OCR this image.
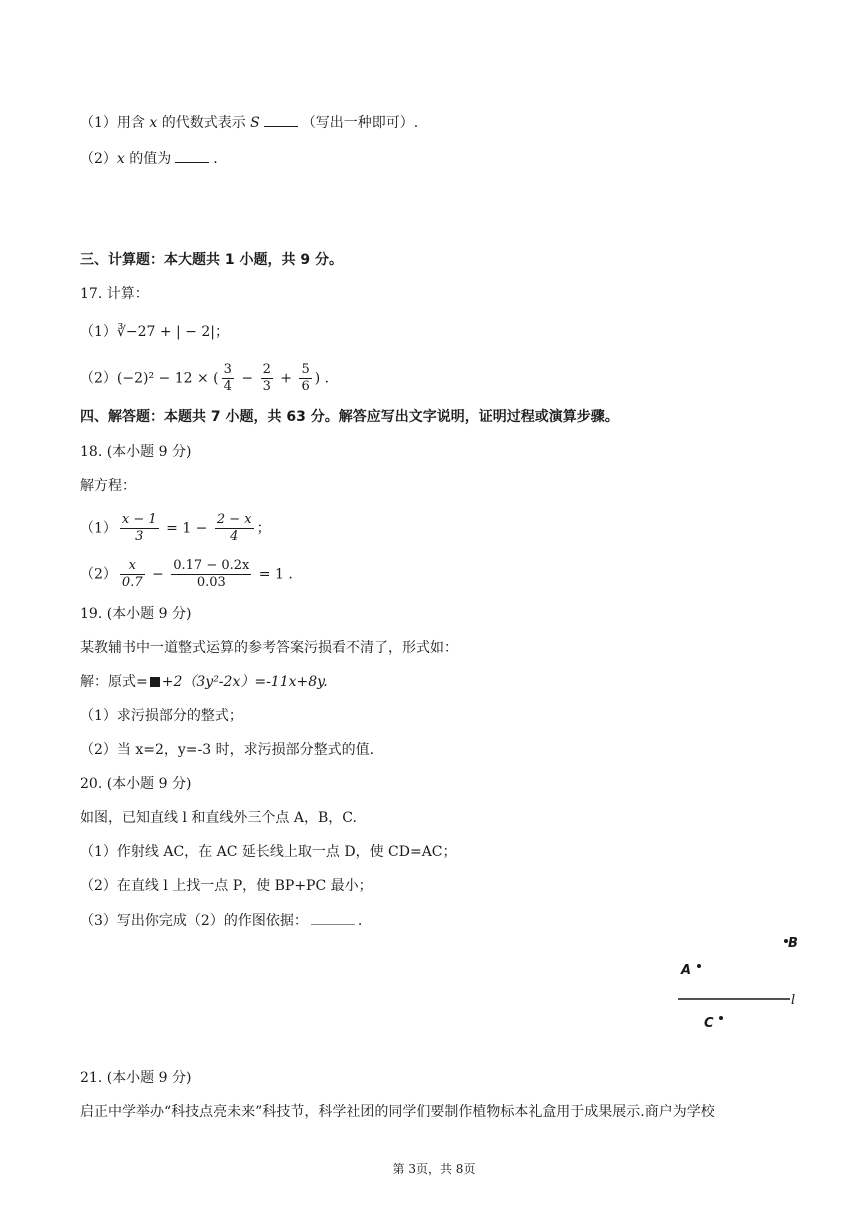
（1）用含 x 的代数式表示 S	（写出一种即可）.
（2）x 的值为	.
三、计算题：本大题共 1 小题，共 9 分。
17. 计算：
（1）∛−27 + | − 2|；
（2）(−2)² − 12 × ( $\frac{3}{4} - \frac{2}{3} + \frac{5}{6}$ ) .
四、解答题：本题共 7 小题，共 63 分。解答应写出文字说明，证明过程或演算步骤。
18. (本小题 9 分)
解方程：
$(1) \frac{x - 1}{3} = 1 - \frac{2 - x}{4}$ ；
$(2) \frac{x}{0.7} - \frac{0.17 - 0.2x}{0.03} = 1$ .
19. (本小题 9 分)
某教辅书中一道整式运算的参考答案污损看不清了，形式如：
解：原式= +2（3y²-2x）=-11x+8y.
（1）求污损部分的整式；
（2）当 x=2，y=-3 时，求污损部分整式的值.
20. (本小题 9 分)
如图，已知直线 l 和直线外三个点 A，B，C.
（1）作射线 AC，在 AC 延长线上取一点 D，使 CD=AC；
（2）在直线 l 上找一点 P，使 BP+PC 最小；
（3）写出你完成（2）的作图依据：	.
B
A
l
C
21. (本小题 9 分)
启正中学举办“科技点亮未来”科技节，科学社团的同学们要制作植物标本礼盒用于成果展示.商户为学校
第 3页，共 8页
